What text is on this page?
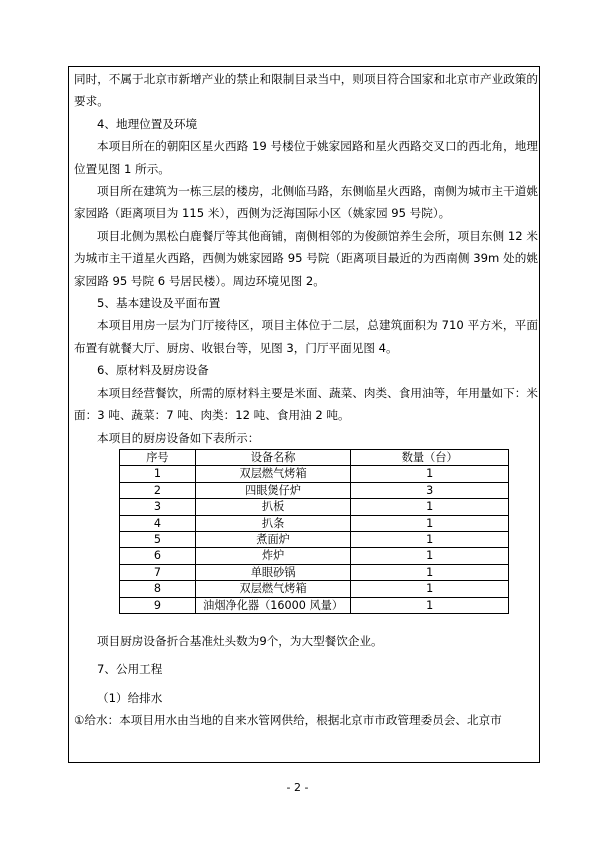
同时，不属于北京市新增产业的禁止和限制目录当中，则项目符合国家和北京市产业政策的要求。

4、地理位置及环境

本项目所在的朝阳区星火西路 19 号楼位于姚家园路和星火西路交叉口的西北角，地理位置见图 1 所示。

项目所在建筑为一栋三层的楼房，北侧临马路，东侧临星火西路，南侧为城市主干道姚家园路（距离项目为 115 米），西侧为泛海国际小区（姚家园 95 号院）。

项目北侧为黑松白鹿餐厅等其他商铺，南侧相邻的为俊颜馆养生会所，项目东侧 12 米为城市主干道星火西路，西侧为姚家园路 95 号院（距离项目最近的为西南侧 39m 处的姚家园路 95 号院 6 号居民楼）。周边环境见图 2。

5、基本建设及平面布置

本项目用房一层为门厅接待区，项目主体位于二层，总建筑面积为 710 平方米，平面布置有就餐大厅、厨房、收银台等，见图 3，门厅平面见图 4。

6、原材料及厨房设备

本项目经营餐饮，所需的原材料主要是米面、蔬菜、肉类、食用油等，年用量如下：米面：3 吨、蔬菜：7 吨、肉类：12 吨、食用油 2 吨。

本项目的厨房设备如下表所示：

序号	设备名称	数量（台）
1	双层燃气烤箱	1
2	四眼煲仔炉	3
3	扒板	1
4	扒条	1
5	煮面炉	1
6	炸炉	1
7	单眼砂锅	1
8	双层燃气烤箱	1
9	油烟净化器（16000 风量）	1

项目厨房设备折合基准灶头数为9个，为大型餐饮企业。

7、公用工程

（1）给排水

①给水：本项目用水由当地的自来水管网供给，根据北京市市政管理委员会、北京市

- 2 -
